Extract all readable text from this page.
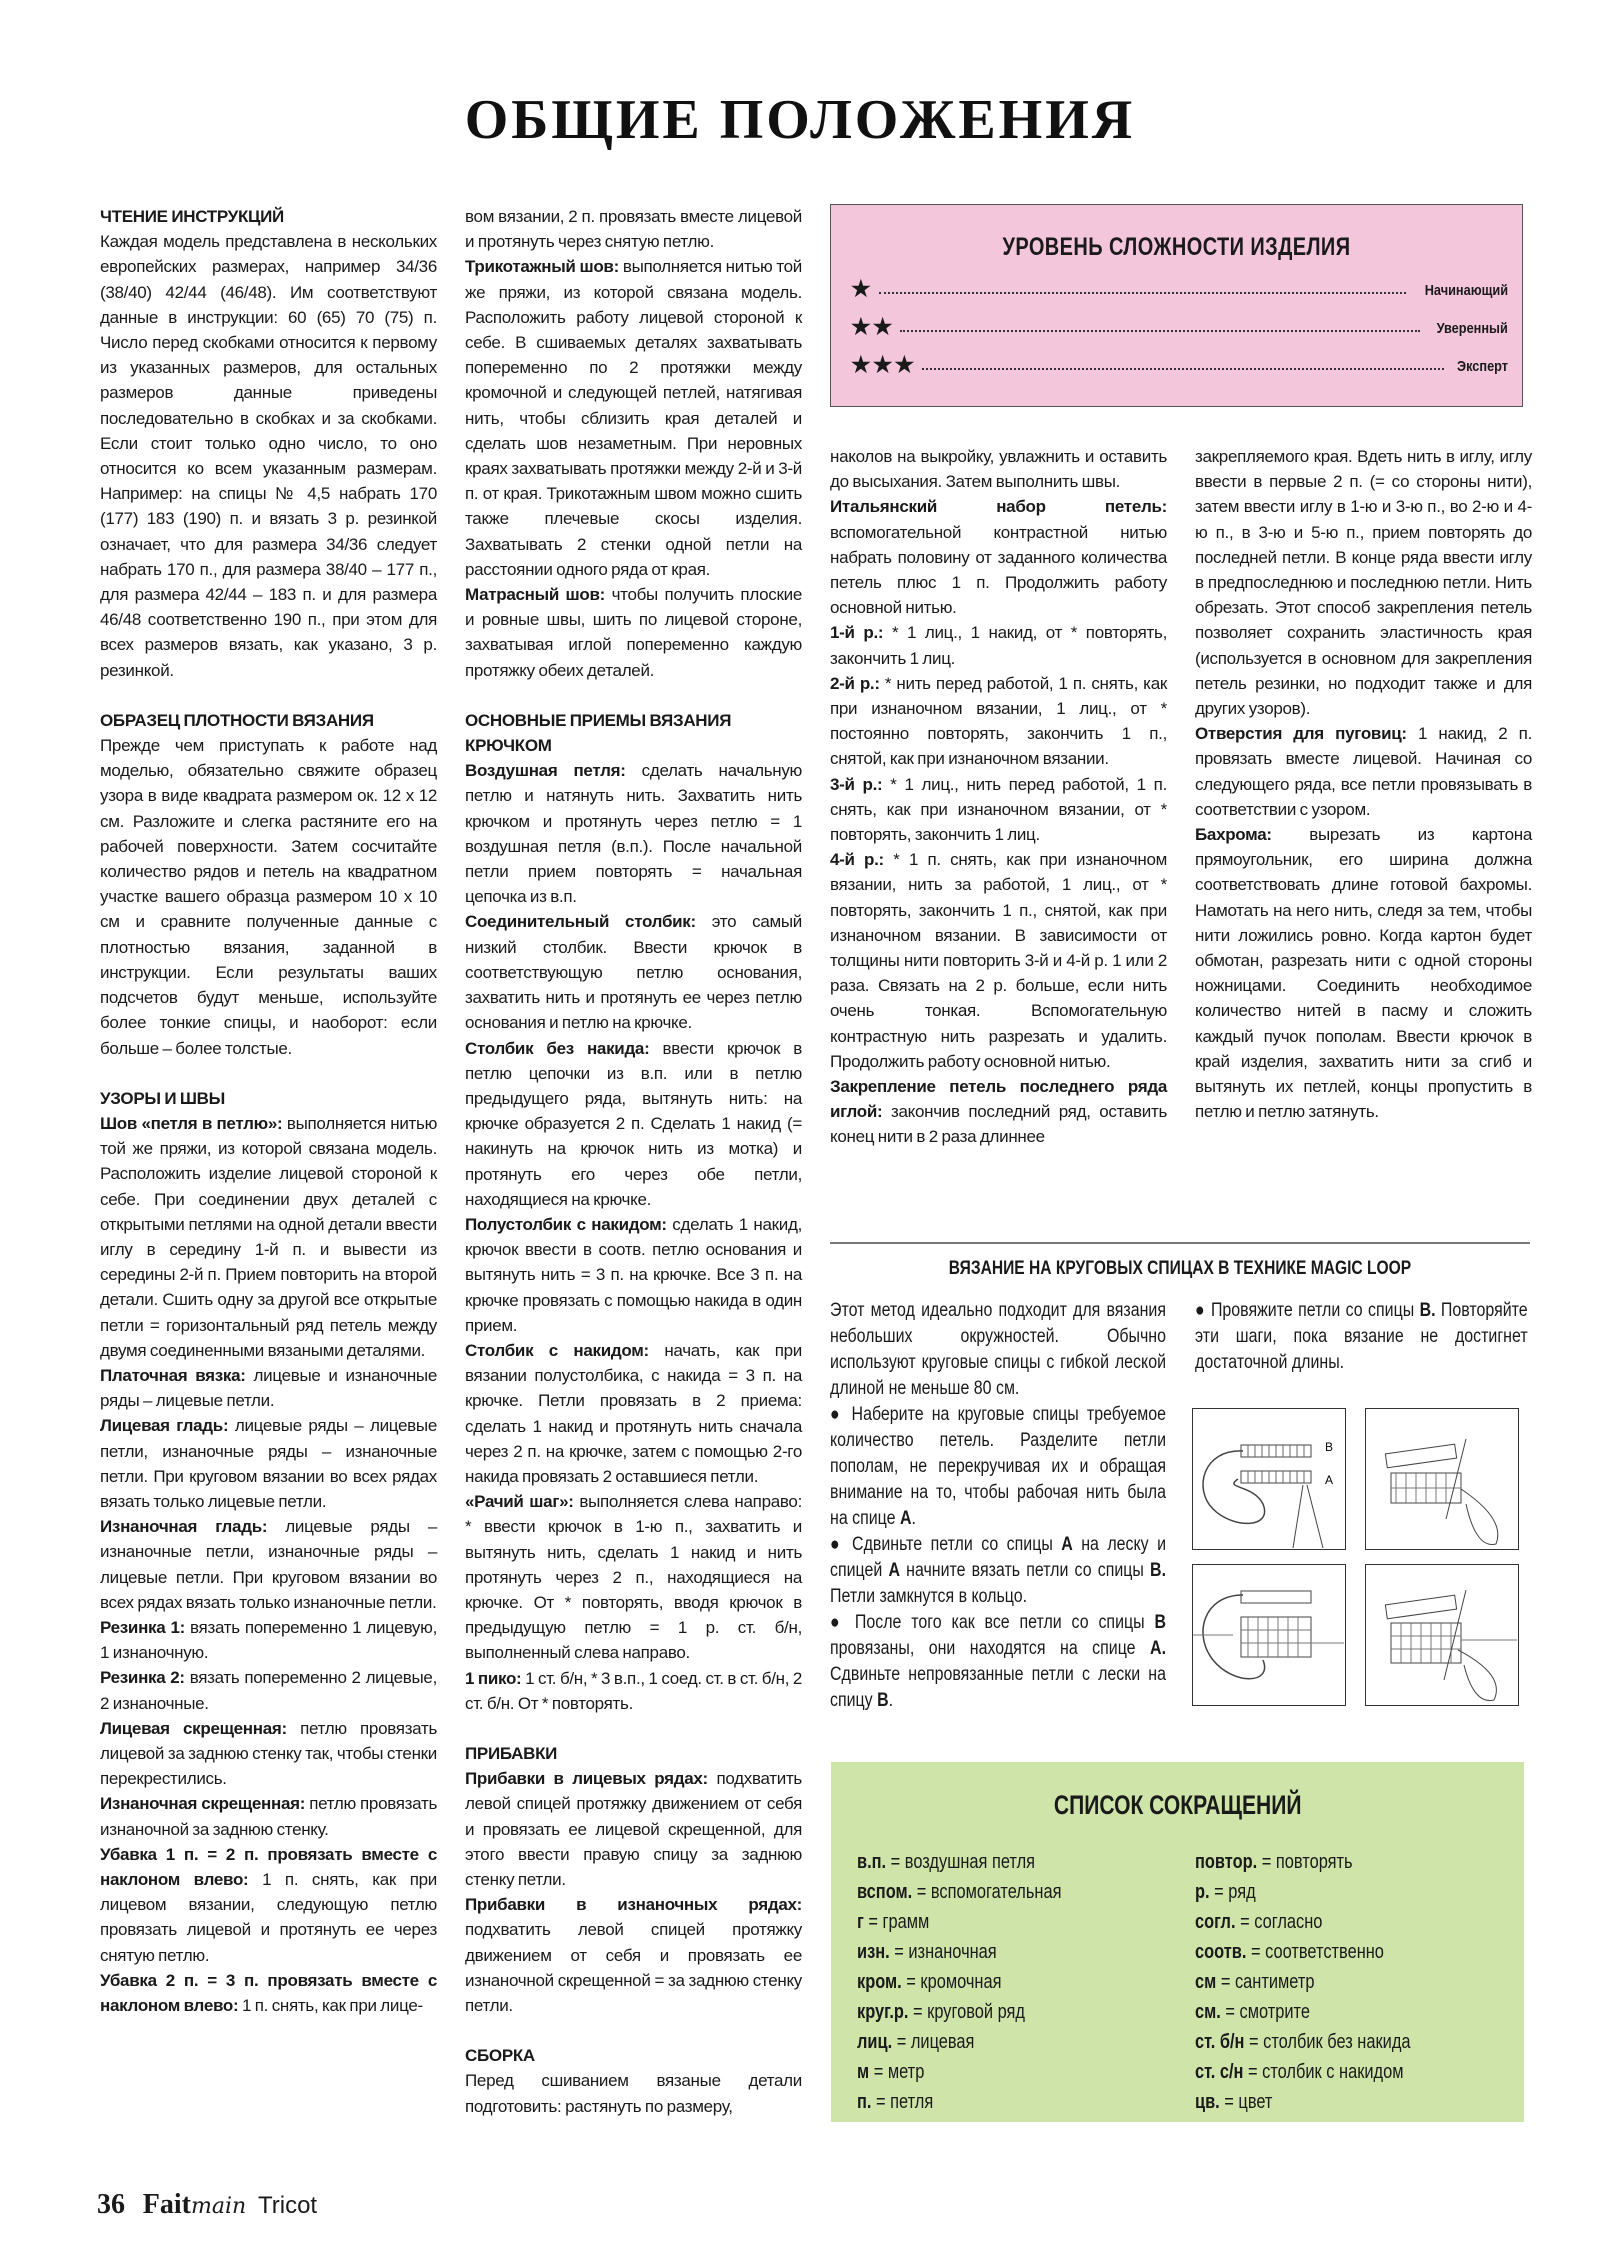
ОБЩИЕ ПОЛОЖЕНИЯ
ЧТЕНИЕ ИНСТРУКЦИЙ

Каждая модель представлена в нескольких европейских размерах, например 34/36 (38/40) 42/44 (46/48). Им соответствуют данные в инструкции: 60 (65) 70 (75) п. Число перед скобками относится к первому из указанных размеров, для остальных размеров данные приведены последовательно в скобках и за скобками. Если стоит только одно число, то оно относится ко всем указанным размерам. Например: на спицы № 4,5 набрать 170 (177) 183 (190) п. и вязать 3 р. резинкой означает, что для размера 34/36 следует набрать 170 п., для размера 38/40 – 177 п., для размера 42/44 – 183 п. и для размера 46/48 соответственно 190 п., при этом для всех размеров вязать, как указано, 3 р. резинкой.

ОБРАЗЕЦ ПЛОТНОСТИ ВЯЗАНИЯ

Прежде чем приступать к работе над моделью, обязательно свяжите образец узора в виде квадрата размером ок. 12 х 12 см. Разложите и слегка растяните его на рабочей поверхности. Затем сосчитайте количество рядов и петель на квадратном участке вашего образца размером 10 х 10 см и сравните полученные данные с плотностью вязания, заданной в инструкции. Если результаты ваших подсчетов будут меньше, используйте более тонкие спицы, и наоборот: если больше – более толстые.

УЗОРЫ И ШВЫ

Шов «петля в петлю»: выполняется нитью той же пряжи, из которой связана модель. Расположить изделие лицевой стороной к себе. При соединении двух деталей с открытыми петлями на одной детали ввести иглу в середину 1-й п. и вывести из середины 2-й п. Прием повторить на второй детали. Сшить одну за другой все открытые петли = горизонтальный ряд петель между двумя соединенными вязаными деталями.

Платочная вязка: лицевые и изнаночные ряды – лицевые петли.

Лицевая гладь: лицевые ряды – лицевые петли, изнаночные ряды – изнаночные петли. При круговом вязании во всех рядах вязать только лицевые петли.

Изнаночная гладь: лицевые ряды – изнаночные петли, изнаночные ряды – лицевые петли. При круговом вязании во всех рядах вязать только изнаночные петли.

Резинка 1: вязать попеременно 1 лицевую, 1 изнаночную.

Резинка 2: вязать попеременно 2 лицевые, 2 изнаночные.

Лицевая скрещенная: петлю провязать лицевой за заднюю стенку так, чтобы стенки перекрестились.

Изнаночная скрещенная: петлю провязать изнаночной за заднюю стенку.

Убавка 1 п. = 2 п. провязать вместе с наклоном влево: 1 п. снять, как при лицевом вязании, следующую петлю провязать лицевой и протянуть ее через снятую петлю.

Убавка 2 п. = 3 п. провязать вместе с наклоном влево: 1 п. снять, как при лице-

вом вязании, 2 п. провязать вместе лицевой и протянуть через снятую петлю.

Трикотажный шов: выполняется нитью той же пряжи, из которой связана модель. Расположить работу лицевой стороной к себе. В сшиваемых деталях захватывать попеременно по 2 протяжки между кромочной и следующей петлей, натягивая нить, чтобы сблизить края деталей и сделать шов незаметным. При неровных краях захватывать протяжки между 2-й и 3-й п. от края. Трикотажным швом можно сшить также плечевые скосы изделия. Захватывать 2 стенки одной петли на расстоянии одного ряда от края.

Матрасный шов: чтобы получить плоские и ровные швы, шить по лицевой стороне, захватывая иглой попеременно каждую протяжку обеих деталей.

ОСНОВНЫЕ ПРИЕМЫ ВЯЗАНИЯ КРЮЧКОМ

Воздушная петля: сделать начальную петлю и натянуть нить. Захватить нить крючком и протянуть через петлю = 1 воздушная петля (в.п.). После начальной петли прием повторять = начальная цепочка из в.п.

Соединительный столбик: это самый низкий столбик. Ввести крючок в соответствующую петлю основания, захватить нить и протянуть ее через петлю основания и петлю на крючке.

Столбик без накида: ввести крючок в петлю цепочки из в.п. или в петлю предыдущего ряда, вытянуть нить: на крючке образуется 2 п. Сделать 1 накид (= накинуть на крючок нить из мотка) и протянуть его через обе петли, находящиеся на крючке.

Полустолбик с накидом: сделать 1 накид, крючок ввести в соотв. петлю основания и вытянуть нить = 3 п. на крючке. Все 3 п. на крючке провязать с помощью накида в один прием.

Столбик с накидом: начать, как при вязании полустолбика, с накида = 3 п. на крючке. Петли провязать в 2 приема: сделать 1 накид и протянуть нить сначала через 2 п. на крючке, затем с помощью 2-го накида провязать 2 оставшиеся петли.

«Рачий шаг»: выполняется слева направо: * ввести крючок в 1-ю п., захватить и вытянуть нить, сделать 1 накид и нить протянуть через 2 п., находящиеся на крючке. От * повторять, вводя крючок в предыдущую петлю = 1 р. ст. б/н, выполненный слева направо.

1 пико: 1 ст. б/н, * 3 в.п., 1 соед. ст. в ст. б/н, 2 ст. б/н. От * повторять.

ПРИБАВКИ

Прибавки в лицевых рядах: подхватить левой спицей протяжку движением от себя и провязать ее лицевой скрещенной, для этого ввести правую спицу за заднюю стенку петли.

Прибавки в изнаночных рядах: подхватить левой спицей протяжку движением от себя и провязать ее изнаночной скрещенной = за заднюю стенку петли.

СБОРКА

Перед сшиванием вязаные детали подготовить: растянуть по размеру,

наколов на выкройку, увлажнить и оставить до высыхания. Затем выполнить швы.

Итальянский набор петель: вспомогательной контрастной нитью набрать половину от заданного количества петель плюс 1 п. Продолжить работу основной нитью.

1-й р.: * 1 лиц., 1 накид, от * повторять, закончить 1 лиц.

2-й р.: * нить перед работой, 1 п. снять, как при изнаночном вязании, 1 лиц., от * постоянно повторять, закончить 1 п., снятой, как при изнаночном вязании.

3-й р.: * 1 лиц., нить перед работой, 1 п. снять, как при изнаночном вязании, от * повторять, закончить 1 лиц.

4-й р.: * 1 п. снять, как при изнаночном вязании, нить за работой, 1 лиц., от * повторять, закончить 1 п., снятой, как при изнаночном вязании. В зависимости от толщины нити повторить 3-й и 4-й р. 1 или 2 раза. Связать на 2 р. больше, если нить очень тонкая. Вспомогательную контрастную нить разрезать и удалить. Продолжить работу основной нитью.

Закрепление петель последнего ряда иглой: закончив последний ряд, оставить конец нити в 2 раза длиннее

закрепляемого края. Вдеть нить в иглу, иглу ввести в первые 2 п. (= со стороны нити), затем ввести иглу в 1-ю и 3-ю п., во 2-ю и 4-ю п., в 3-ю и 5-ю п., прием повторять до последней петли. В конце ряда ввести иглу в предпоследнюю и последнюю петли. Нить обрезать. Этот способ закрепления петель позволяет сохранить эластичность края (используется в основном для закрепления петель резинки, но подходит также и для других узоров).

Отверстия для пуговиц: 1 накид, 2 п. провязать вместе лицевой. Начиная со следующего ряда, все петли провязывать в соответствии с узором.

Бахрома: вырезать из картона прямоугольник, его ширина должна соответствовать длине готовой бахромы. Намотать на него нить, следя за тем, чтобы нити ложились ровно. Когда картон будет обмотан, разрезать нити с одной стороны ножницами. Соединить необходимое количество нитей в пасму и сложить каждый пучок пополам. Ввести крючок в край изделия, захватить нити за сгиб и вытянуть их петлей, концы пропустить в петлю и петлю затянуть.

УРОВЕНЬ СЛОЖНОСТИ ИЗДЕЛИЯ
★	Начинающий
★★	Уверенный
★★★	Эксперт
ВЯЗАНИЕ НА КРУГОВЫХ СПИЦАХ В ТЕХНИКЕ MAGIC LOOP

Этот метод идеально подходит для вязания небольших окружностей. Обычно используют круговые спицы с гибкой леской длиной не меньше 80 см.

● Наберите на круговые спицы требуемое количество петель. Разделите петли пополам, не перекручивая их и обращая внимание на то, чтобы рабочая нить была на спице А.

● Сдвиньте петли со спицы А на леску и спицей А начните вязать петли со спицы В. Петли замкнутся в кольцо.

● После того как все петли со спицы В провязаны, они находятся на спице А. Сдвиньте непровязанные петли с лески на спицу В.

● Провяжите петли со спицы В. Повторяйте эти шаги, пока вязание не достигнет достаточной длины.

B
A
СПИСОК СОКРАЩЕНИЙ
в.п. = воздушная петля
вспом. = вспомогательная
г = грамм
изн. = изнаночная
кром. = кромочная
круг.р. = круговой ряд
лиц. = лицевая
м = метр
п. = петля
повтор. = повторять
р. = ряд
согл. = согласно
соотв. = соответственно
см = сантиметр
см. = смотрите
ст. б/н = столбик без накида
ст. с/н = столбик с накидом
цв. = цвет
36 Faitmain Tricot
